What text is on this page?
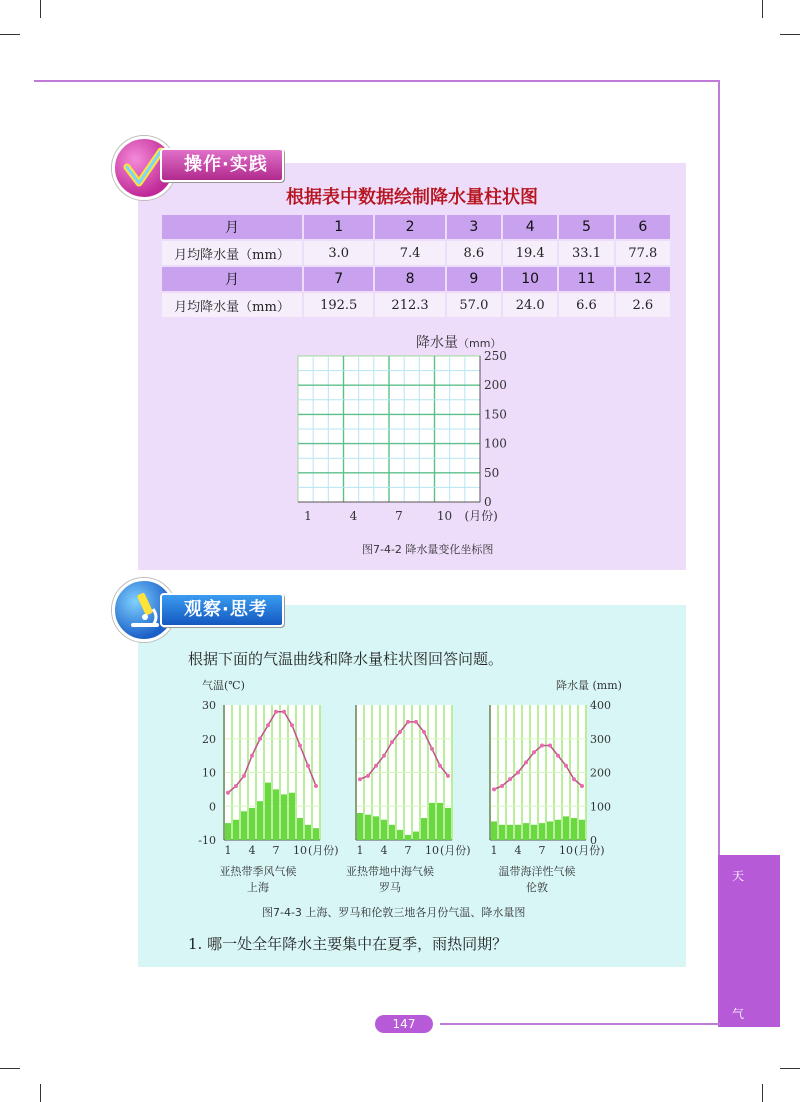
天
气
147
操作·实践
根据表中数据绘制降水量柱状图
月	1	2	3	4	5	6
月均降水量（mm）	3.0	7.4	8.6	19.4	33.1	77.8
月	7	8	9	10	11	12
月均降水量（mm）	192.5	212.3	57.0	24.0	6.6	2.6
降水量（mm）
250
200
150
100
50
0
1	4	7	10 (月份)
图7-4-2 降水量变化坐标图
观察·思考
根据下面的气温曲线和降水量柱状图回答问题。
气温(℃)	降水量 (mm)
30
20
10
0
-10
400
300
200
100
0
1 4 7 10 (月份) 1 4 7 10 (月份) 1 4 7 10 (月份)
亚热带季风气候
上海
亚热带地中海气候
罗马
温带海洋性气候
伦敦
图7-4-3 上海、罗马和伦敦三地各月份气温、降水量图
1. 哪一处全年降水主要集中在夏季，雨热同期？
